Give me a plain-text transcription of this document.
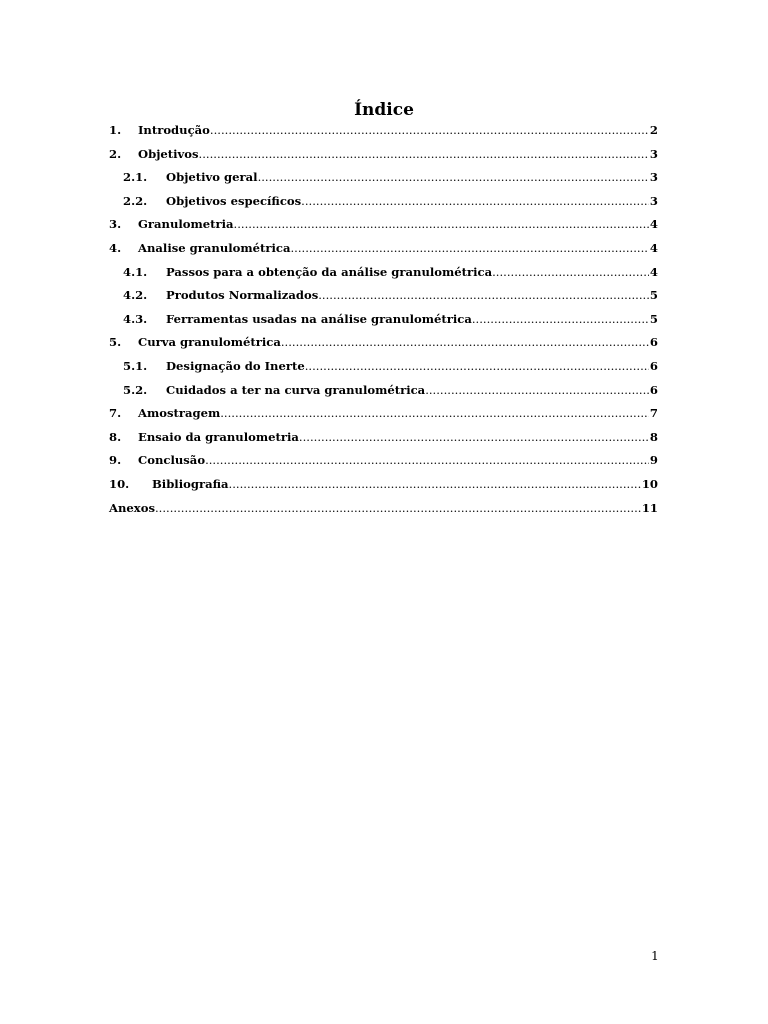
Índice
1.	Introdução .....	2
2.	Objetivos .....	3
2.1.	Objetivo geral .....	3
2.2.	Objetivos específicos .....	3
3.	Granulometria .....	4
4.	Analise granulométrica .....	4
4.1.	Passos para a obtenção da análise granulométrica .....	4
4.2.	Produtos Normalizados .....	5
4.3.	Ferramentas usadas na análise granulométrica .....	5
5.	Curva granulométrica .....	6
5.1.	Designação do Inerte .....	6
5.2.	Cuidados a ter na curva granulométrica .....	6
7.	Amostragem .....	7
8.	Ensaio da granulometria .....	8
9.	Conclusão .....	9
10.	Bibliografia .....	10
Anexos .....	11
1
